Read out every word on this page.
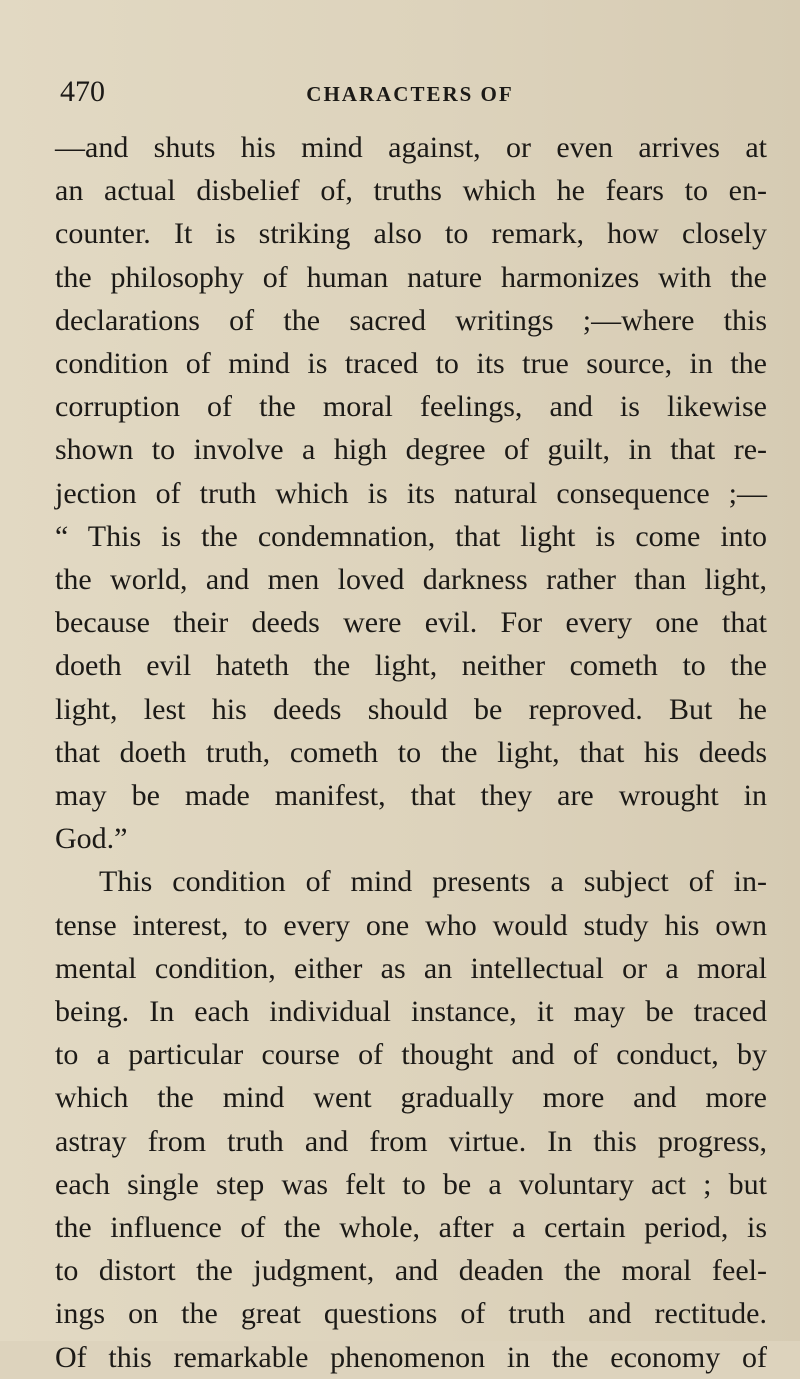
470	CHARACTERS OF
—and shuts his mind against, or even arrives at
an actual disbelief of, truths which he fears to en-
counter. It is striking also to remark, how closely
the philosophy of human nature harmonizes with the
declarations of the sacred writings ;—where this
condition of mind is traced to its true source, in the
corruption of the moral feelings, and is likewise
shown to involve a high degree of guilt, in that re-
jection of truth which is its natural consequence ;—
“ This is the condemnation, that light is come into
the world, and men loved darkness rather than light,
because their deeds were evil. For every one that
doeth evil hateth the light, neither cometh to the
light, lest his deeds should be reproved. But he
that doeth truth, cometh to the light, that his deeds
may be made manifest, that they are wrought in
God.”
This condition of mind presents a subject of in-
tense interest, to every one who would study his own
mental condition, either as an intellectual or a moral
being. In each individual instance, it may be traced
to a particular course of thought and of conduct, by
which the mind went gradually more and more
astray from truth and from virtue. In this progress,
each single step was felt to be a voluntary act ; but
the influence of the whole, after a certain period, is
to distort the judgment, and deaden the moral feel-
ings on the great questions of truth and rectitude.
Of this remarkable phenomenon in the economy of
